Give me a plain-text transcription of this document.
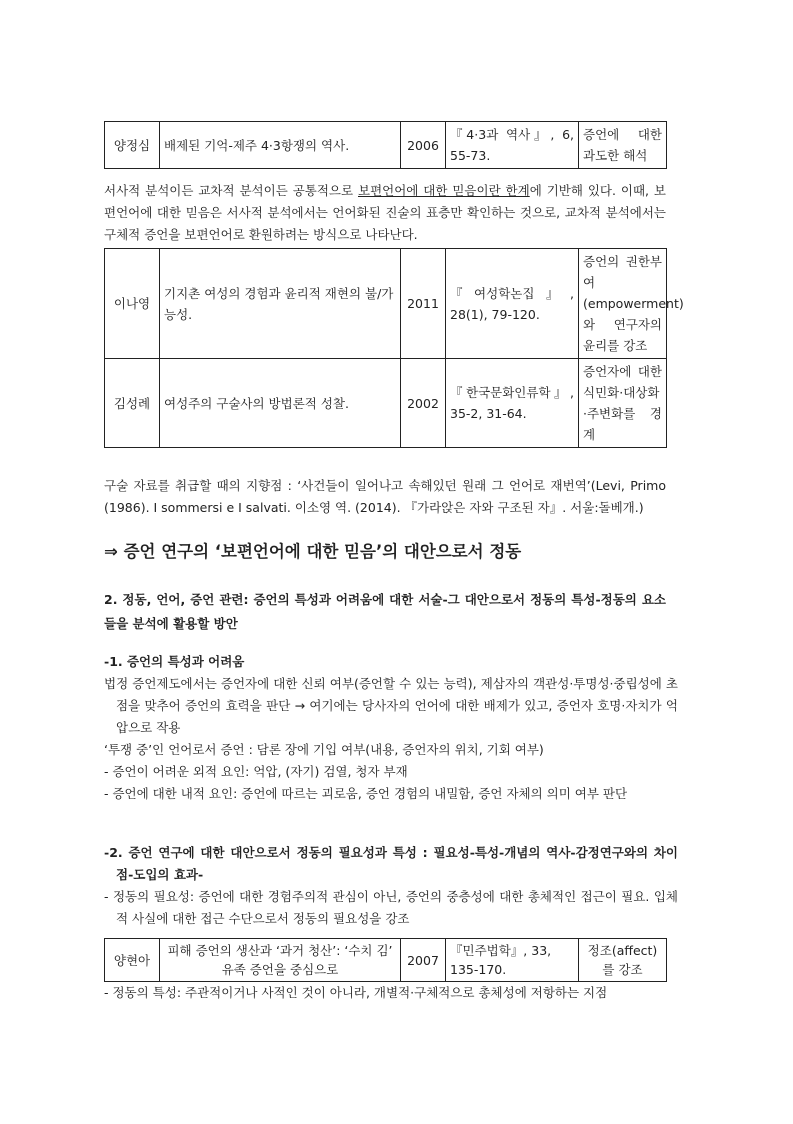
양정심	배제된 기억-제주 4·3항쟁의 역사.	2006	『4·3과 역사』, 6, 55-73.	증언에 대한 과도한 해석
서사적 분석이든 교차적 분석이든 공통적으로 보편언어에 대한 믿음이란 한계에 기반해 있다. 이때, 보편언어에 대한 믿음은 서사적 분석에서는 언어화된 진술의 표층만 확인하는 것으로, 교차적 분석에서는 구체적 증언을 보편언어로 환원하려는 방식으로 나타난다.
이나영	기지촌 여성의 경험과 윤리적 재현의 불/가능성.	2011	『여성학논집』, 28(1), 79-120.	증언의 권한부여(empowerment)와 연구자의 윤리를 강조
김성례	여성주의 구술사의 방법론적 성찰.	2002	『한국문화인류학』, 35-2, 31-64.	증언자에 대한 식민화·대상화·주변화를 경계
구술 자료를 취급할 때의 지향점 : ‘사건들이 일어나고 속해있던 원래 그 언어로 재번역’(Levi, Primo (1986). I sommersi e I salvati. 이소영 역. (2014). 『가라앉은 자와 구조된 자』. 서울:돌베개.)
⇒ 증언 연구의 ‘보편언어에 대한 믿음’의 대안으로서 정동
2. 정동, 언어, 증언 관련: 증언의 특성과 어려움에 대한 서술-그 대안으로서 정동의 특성-정동의 요소들을 분석에 활용할 방안
-1. 증언의 특성과 어려움
법정 증언제도에서는 증언자에 대한 신뢰 여부(증언할 수 있는 능력), 제삼자의 객관성·투명성·중립성에 초점을 맞추어 증언의 효력을 판단 → 여기에는 당사자의 언어에 대한 배제가 있고, 증언자 호명·자치가 억압으로 작용
‘투쟁 중’인 언어로서 증언 : 담론 장에 기입 여부(내용, 증언자의 위치, 기회 여부)
- 증언이 어려운 외적 요인: 억압, (자기) 검열, 청자 부재
- 증언에 대한 내적 요인: 증언에 따르는 괴로움, 증언 경험의 내밀함, 증언 자체의 의미 여부 판단
-2. 증언 연구에 대한 대안으로서 정동의 필요성과 특성 : 필요성-특성-개념의 역사-감정연구와의 차이점-도입의 효과-
- 정동의 필요성: 증언에 대한 경험주의적 관심이 아닌, 증언의 중층성에 대한 총체적인 접근이 필요. 입체적 사실에 대한 접근 수단으로서 정동의 필요성을 강조
양현아	피해 증언의 생산과 ‘과거 청산’: ‘수치 김’ 유족 증언을 중심으로	2007	『민주법학』, 33, 135-170.	정조(affect)를 강조
- 정동의 특성: 주관적이거나 사적인 것이 아니라, 개별적·구체적으로 총체성에 저항하는 지점
